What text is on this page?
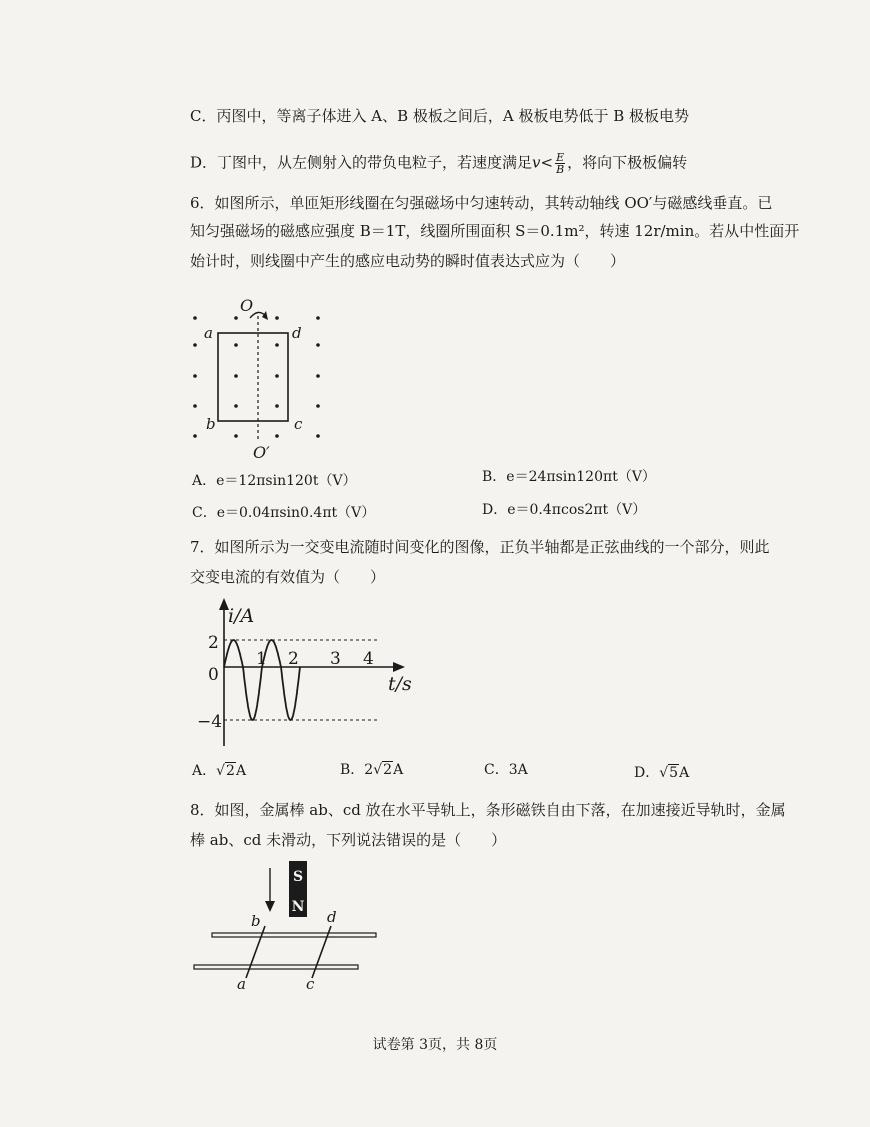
C．丙图中，等离子体进入 A、B 极板之间后，A 极板电势低于 B 极板电势
D．丁图中，从左侧射入的带负电粒子，若速度满足$v< \frac{E}{B}$ ，将向下极板偏转
6．如图所示，单匝矩形线圈在匀强磁场中匀速转动，其转动轴线 OO′与磁感线垂直。已
知匀强磁场的磁感应强度 B＝1T，线圈所围面积 S＝0.1m²，转速 12r/min。若从中性面开
始计时，则线圈中产生的感应电动势的瞬时值表达式应为（　　）
O
O′
a	d
b	c
A．e＝12πsin120t（V）	B．e＝24πsin120πt（V）
C．e＝0.04πsin0.4πt（V）	D．e＝0.4πcos2πt（V）
7．如图所示为一交变电流随时间变化的图像，正负半轴都是正弦曲线的一个部分，则此
交变电流的有效值为（　　）
i/A
t/s
2
0
−4
1 2 3 4
A．√2A	B．2√2A	C．3A	D．√5A
8．如图，金属棒 ab、cd 放在水平导轨上，条形磁铁自由下落，在加速接近导轨时，金属
棒 ab、cd 未滑动，下列说法错误的是（　　）
S
N
b	d
a	c
试卷第 3页，共 8页
